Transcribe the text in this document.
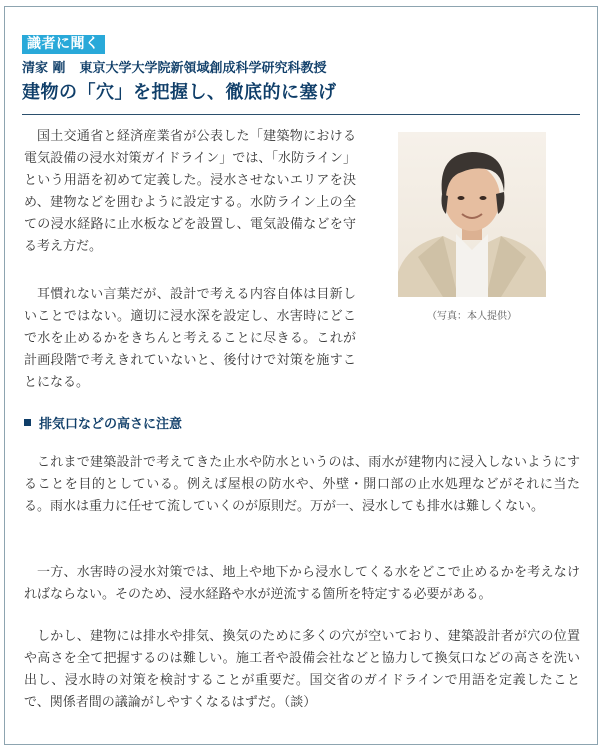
識者に聞く
清家 剛 東京大学大学院新領域創成科学研究科教授
建物の「穴」を把握し、徹底的に塞げ
（写真：本人提供）

国土交通省と経済産業省が公表した「建築物における電気設備の浸水対策ガイドライン」では、「水防ライン」という用語を初めて定義した。浸水させないエリアを決め、建物などを囲むように設定する。水防ライン上の全ての浸水経路に止水板などを設置し、電気設備などを守る考え方だ。

耳慣れない言葉だが、設計で考える内容自体は目新しいことではない。適切に浸水深を設定し、水害時にどこで水を止めるかをきちんと考えることに尽きる。これが計画段階で考えきれていないと、後付けで対策を施すことになる。

排気口などの高さに注意

これまで建築設計で考えてきた止水や防水というのは、雨水が建物内に浸入しないようにすることを目的としている。例えば屋根の防水や、外壁・開口部の止水処理などがそれに当たる。雨水は重力に任せて流していくのが原則だ。万が一、浸水しても排水は難しくない。

一方、水害時の浸水対策では、地上や地下から浸水してくる水をどこで止めるかを考えなければならない。そのため、浸水経路や水が逆流する箇所を特定する必要がある。

しかし、建物には排水や排気、換気のために多くの穴が空いており、建築設計者が穴の位置や高さを全て把握するのは難しい。施工者や設備会社などと協力して換気口などの高さを洗い出し、浸水時の対策を検討することが重要だ。国交省のガイドラインで用語を定義したことで、関係者間の議論がしやすくなるはずだ。（談）
